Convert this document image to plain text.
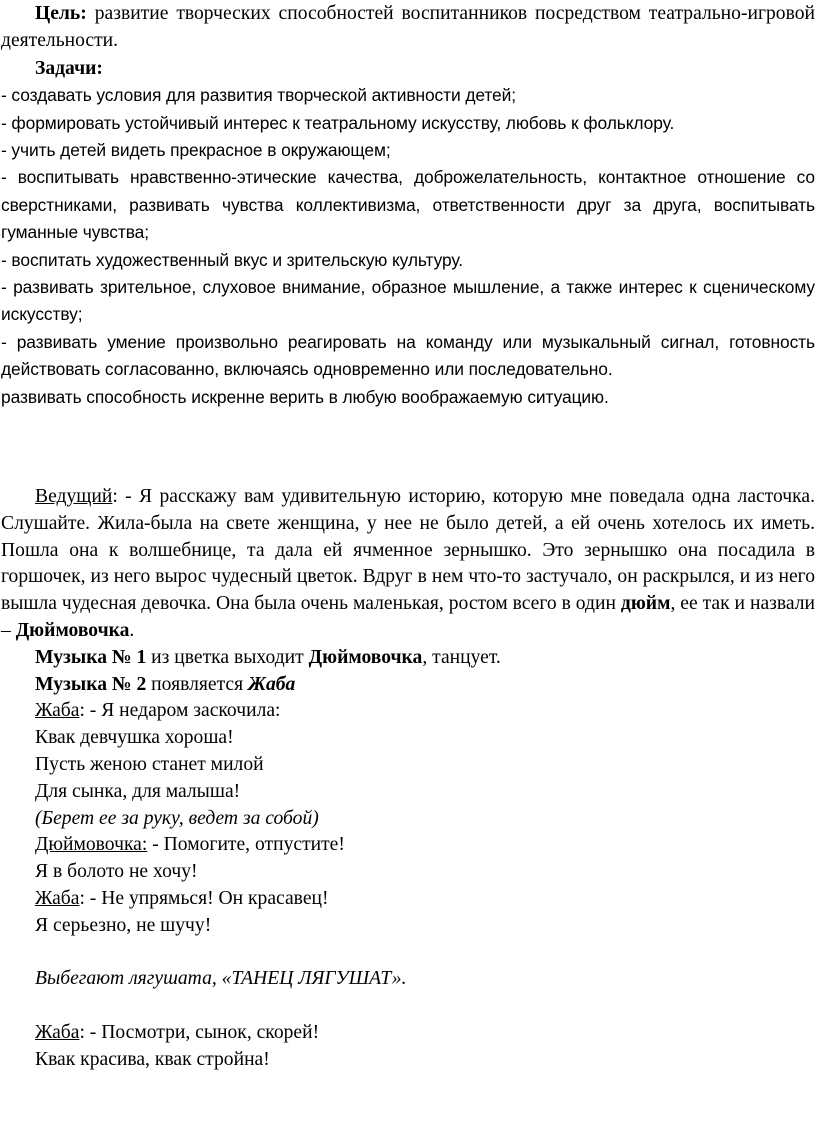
Цель: развитие творческих способностей воспитанников посредством театрально-игровой деятельности.

Задачи:

- создавать условия для развития творческой активности детей;

- формировать устойчивый интерес к театральному искусству, любовь к фольклору.

- учить детей видеть прекрасное в окружающем;

- воспитывать нравственно-этические качества, доброжелательность, контактное отношение со сверстниками, развивать чувства коллективизма, ответственности друг за друга, воспитывать гуманные чувства;

- воспитать художественный вкус и зрительскую культуру.

- развивать зрительное, слуховое внимание, образное мышление, а также интерес к сценическому искусству;

- развивать умение произвольно реагировать на команду или музыкальный сигнал, готовность действовать согласованно, включаясь одновременно или последовательно.

развивать способность искренне верить в любую воображаемую ситуацию.

Ведущий: - Я расскажу вам удивительную историю, которую мне поведала одна ласточка. Слушайте. Жила-была на свете женщина, у нее не было детей, а ей очень хотелось их иметь. Пошла она к волшебнице, та дала ей ячменное зернышко. Это зернышко она посадила в горшочек, из него вырос чудесный цветок. Вдруг в нем что-то застучало, он раскрылся, и из него вышла чудесная девочка. Она была очень маленькая, ростом всего в один дюйм, ее так и назвали – Дюймовочка.

Музыка № 1 из цветка выходит Дюймовочка, танцует.

Музыка № 2 появляется Жаба

Жаба: - Я недаром заскочила:

Квак девчушка хороша!

Пусть женою станет милой

Для сынка, для малыша!

(Берет ее за руку, ведет за собой)

Дюймовочка: - Помогите, отпустите!

Я в болото не хочу!

Жаба: - Не упрямься! Он красавец!

Я серьезно, не шучу!

Выбегают лягушата, «ТАНЕЦ ЛЯГУШАТ».

Жаба: - Посмотри, сынок, скорей!

Квак красива, квак стройна!
